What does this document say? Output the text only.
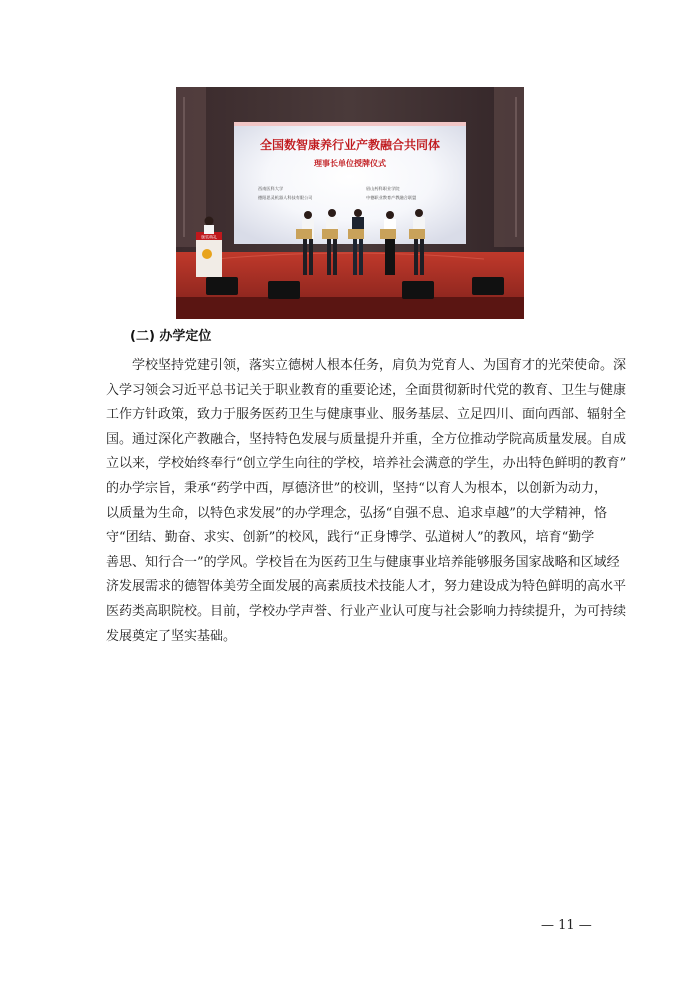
全国数智康养行业产教融合共同体
理事长单位授牌仪式
西南医科大学
德阳思灵机器人科技有限公司
眉山药科职业学院
中德职业教育产教融合联盟
颁奖典礼
(二) 办学定位
学校坚持党建引领，落实立德树人根本任务，肩负为党育人、为国育才的光荣使命。深
入学习领会习近平总书记关于职业教育的重要论述，全面贯彻新时代党的教育、卫生与健康
工作方针政策，致力于服务医药卫生与健康事业、服务基层、立足四川、面向西部、辐射全
国。通过深化产教融合，坚持特色发展与质量提升并重，全方位推动学院高质量发展。自成
立以来，学校始终奉行“创立学生向往的学校，培养社会满意的学生，办出特色鲜明的教育”
的办学宗旨，秉承“药学中西，厚德济世”的校训，坚持“以育人为根本，以创新为动力，
以质量为生命，以特色求发展”的办学理念，弘扬“自强不息、追求卓越”的大学精神，恪
守“团结、勤奋、求实、创新”的校风，践行“正身博学、弘道树人”的教风，培育“勤学
善思、知行合一”的学风。学校旨在为医药卫生与健康事业培养能够服务国家战略和区域经
济发展需求的德智体美劳全面发展的高素质技术技能人才，努力建设成为特色鲜明的高水平
医药类高职院校。目前，学校办学声誉、行业产业认可度与社会影响力持续提升，为可持续
发展奠定了坚实基础。
— 11 —
